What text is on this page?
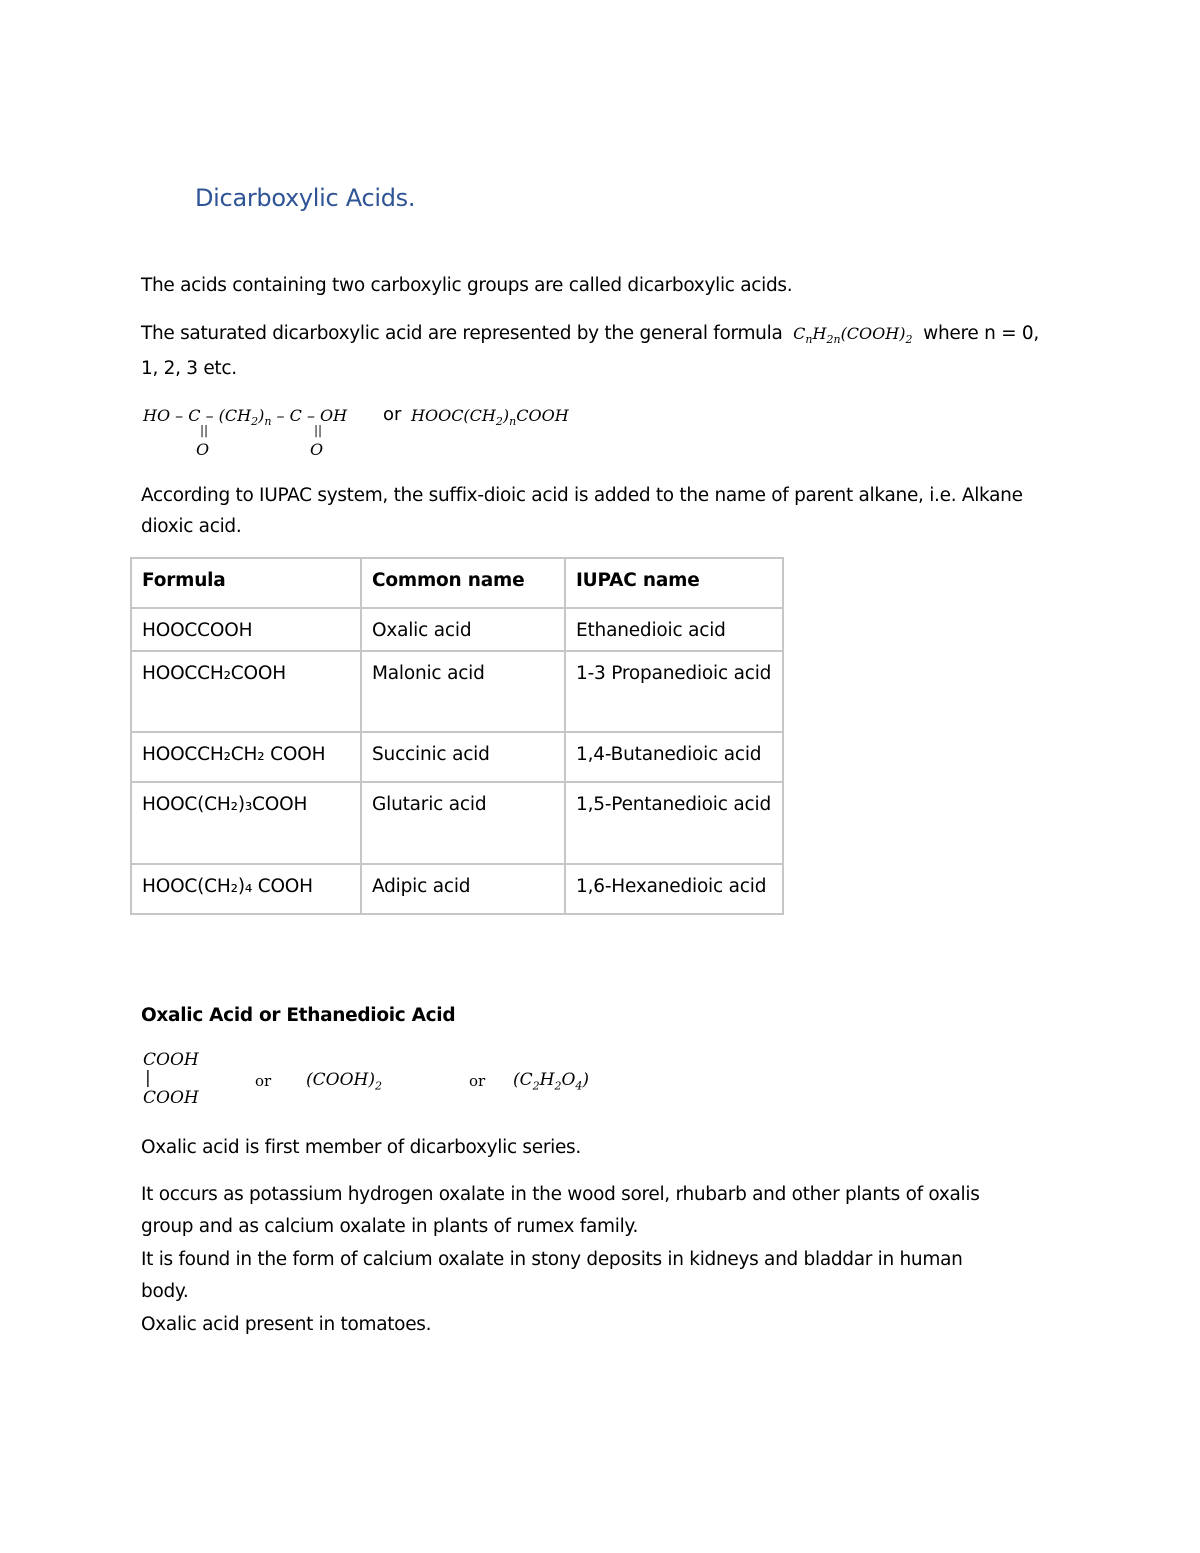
Dicarboxylic Acids.
The acids containing two carboxylic groups are called dicarboxylic acids.
The saturated dicarboxylic acid are represented by the general formula  $C_nH_{2n}(COOH)_2$ where n = 0,
1, 2, 3 etc.
HO – C – $(CH_2)_n$ – C – OH
||	||
O	O
or $HOOC(CH_2)_nCOOH$
According to IUPAC system, the suffix-dioic acid is added to the name of parent alkane, i.e. Alkane
dioxic acid.
Formula	Common name	IUPAC name
HOOCCOOH	Oxalic acid	Ethanedioic acid
HOOCCH₂COOH	Malonic acid	1-3 Propanedioic acid
HOOCCH₂CH₂ COOH	Succinic acid	1,4-Butanedioic acid
HOOC(CH₂)₃COOH	Glutaric acid	1,5-Pentanedioic acid
HOOC(CH₂)₄ COOH	Adipic acid	1,6-Hexanedioic acid
Oxalic Acid or Ethanedioic Acid
COOH
|
COOH
or $(COOH)_2$	or $(C_2H_2O_4)$
Oxalic acid is first member of dicarboxylic series.
It occurs as potassium hydrogen oxalate in the wood sorel, rhubarb and other plants of oxalis
group and as calcium oxalate in plants of rumex family.
It is found in the form of calcium oxalate in stony deposits in kidneys and bladdar in human
body.
Oxalic acid present in tomatoes.
